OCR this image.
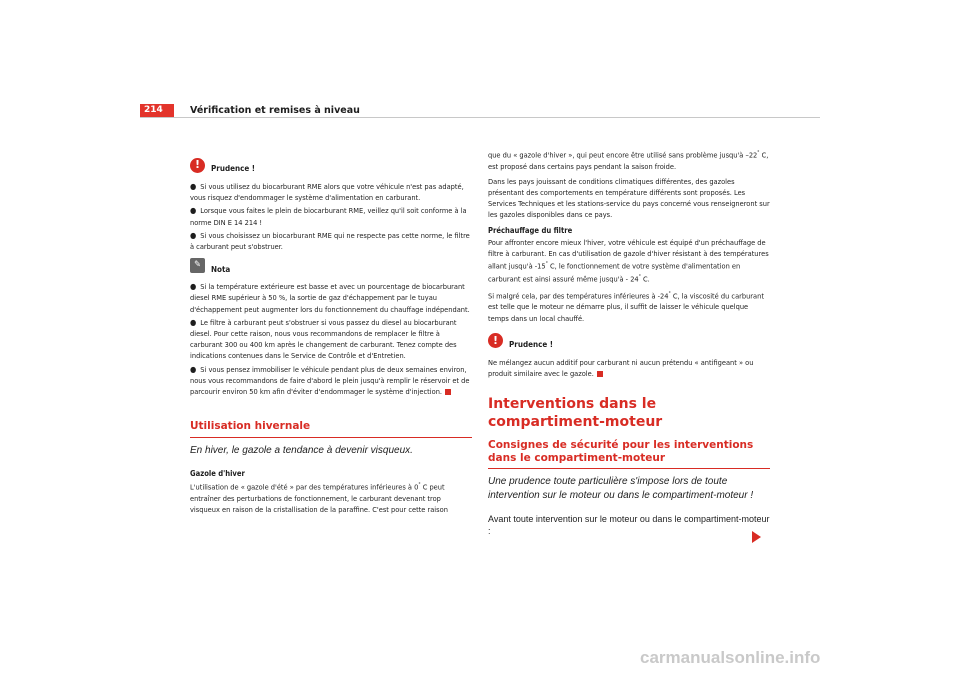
214	Vérification et remises à niveau
!	Prudence !

● Si vous utilisez du biocarburant RME alors que votre véhicule n'est pas adapté, vous risquez d'endommager le système d'alimentation en carburant.

● Lorsque vous faites le plein de biocarburant RME, veillez qu'il soit conforme à la norme DIN E 14 214 !

● Si vous choisissez un biocarburant RME qui ne respecte pas cette norme, le filtre à carburant peut s'obstruer.

✎	Nota

● Si la température extérieure est basse et avec un pourcentage de biocarburant diesel RME supérieur à 50 %, la sortie de gaz d'échappement par le tuyau d'échappement peut augmenter lors du fonctionnement du chauffage indépendant.

● Le filtre à carburant peut s'obstruer si vous passez du diesel au biocarburant diesel. Pour cette raison, nous vous recommandons de remplacer le filtre à carburant 300 ou 400 km après le changement de carburant. Tenez compte des indications contenues dans le Service de Contrôle et d'Entretien.

● Si vous pensez immobiliser le véhicule pendant plus de deux semaines environ, nous vous recommandons de faire d'abord le plein jusqu'à remplir le réservoir et de parcourir environ 50 km afin d'éviter d'endommager le système d'injection.

Utilisation hivernale
En hiver, le gazole a tendance à devenir visqueux.
Gazole d'hiver

L'utilisation de « gazole d'été » par des températures inférieures à 0° C peut entraîner des perturbations de fonctionnement, le carburant devenant trop visqueux en raison de la cristallisation de la paraffine. C'est pour cette raison

que du « gazole d'hiver », qui peut encore être utilisé sans problème jusqu'à –22° C, est proposé dans certains pays pendant la saison froide.

Dans les pays jouissant de conditions climatiques différentes, des gazoles présentant des comportements en température différents sont proposés. Les Services Techniques et les stations-service du pays concerné vous renseigneront sur les gazoles disponibles dans ce pays.

Préchauffage du filtre

Pour affronter encore mieux l'hiver, votre véhicule est équipé d'un préchauffage de filtre à carburant. En cas d'utilisation de gazole d'hiver résistant à des températures allant jusqu'à -15° C, le fonctionnement de votre système d'alimentation en carburant est ainsi assuré même jusqu'à - 24° C.

Si malgré cela, par des températures inférieures à -24° C, la viscosité du carburant est telle que le moteur ne démarre plus, il suffit de laisser le véhicule quelque temps dans un local chauffé.

!	Prudence !

Ne mélangez aucun additif pour carburant ni aucun prétendu « antifigeant » ou produit similaire avec le gazole.

Interventions dans le compartiment-moteur
Consignes de sécurité pour les interventions dans le compartiment-moteur
Une prudence toute particulière s'impose lors de toute intervention sur le moteur ou dans le compartiment-moteur !

Avant toute intervention sur le moteur ou dans le compartiment-moteur :

carmanualsonline.info
